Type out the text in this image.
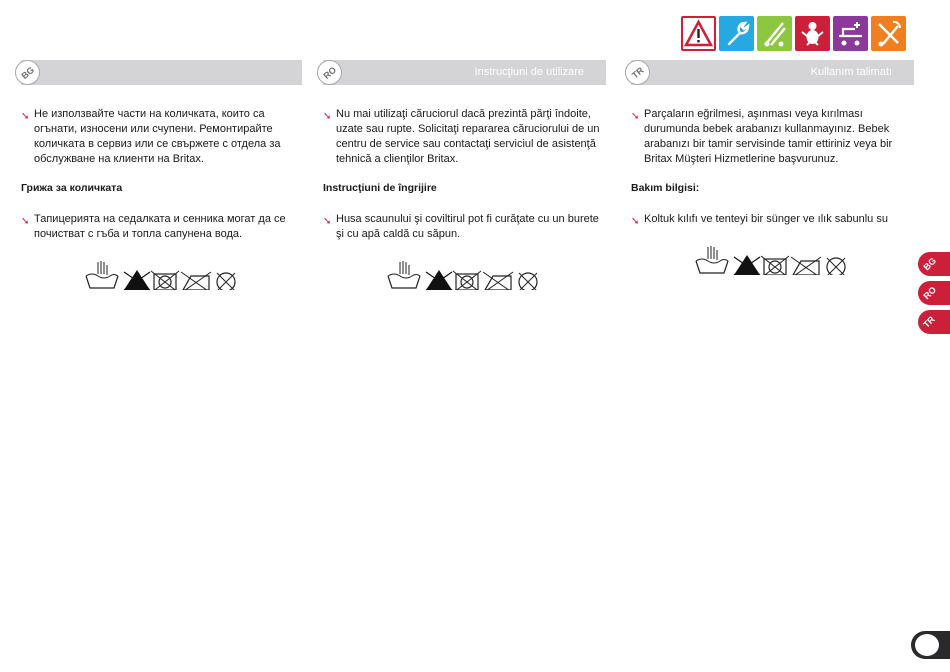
BG
➘ Не използвайте части на количката, които са огънати, износени или счупени. Ремонтирайте количката в сервиз или се свържете с отдела за обслужване на клиенти на Britax.
Грижа за количката
➘ Тапицерията на седалката и сенника могат да се почистват с гъба и топла сапунена вода.
RO	Instrucţiuni de utilizare
➘ Nu mai utilizaţi căruciorul dacă prezintă părţi îndoite, uzate sau rupte. Solicitaţi repararea căruciorului de un centru de service sau contactaţi serviciul de asistenţă tehnică a clienţilor Britax.
Instrucţiuni de îngrijire
➘ Husa scaunului şi coviltirul pot fi curăţate cu un burete şi cu apă caldă cu săpun.
TR	Kullanım talimatı
➘ Parçaların eğrilmesi, aşınması veya kırılması durumunda bebek arabanızı kullanmayınız. Bebek arabanızı bir tamir servisinde tamir ettiriniz veya bir Britax Müşteri Hizmetlerine başvurunuz.
Bakım bilgisi:
➘ Koltuk kılıfı ve tenteyi bir sünger ve ılık sabunlu su
BG
RO
TR
